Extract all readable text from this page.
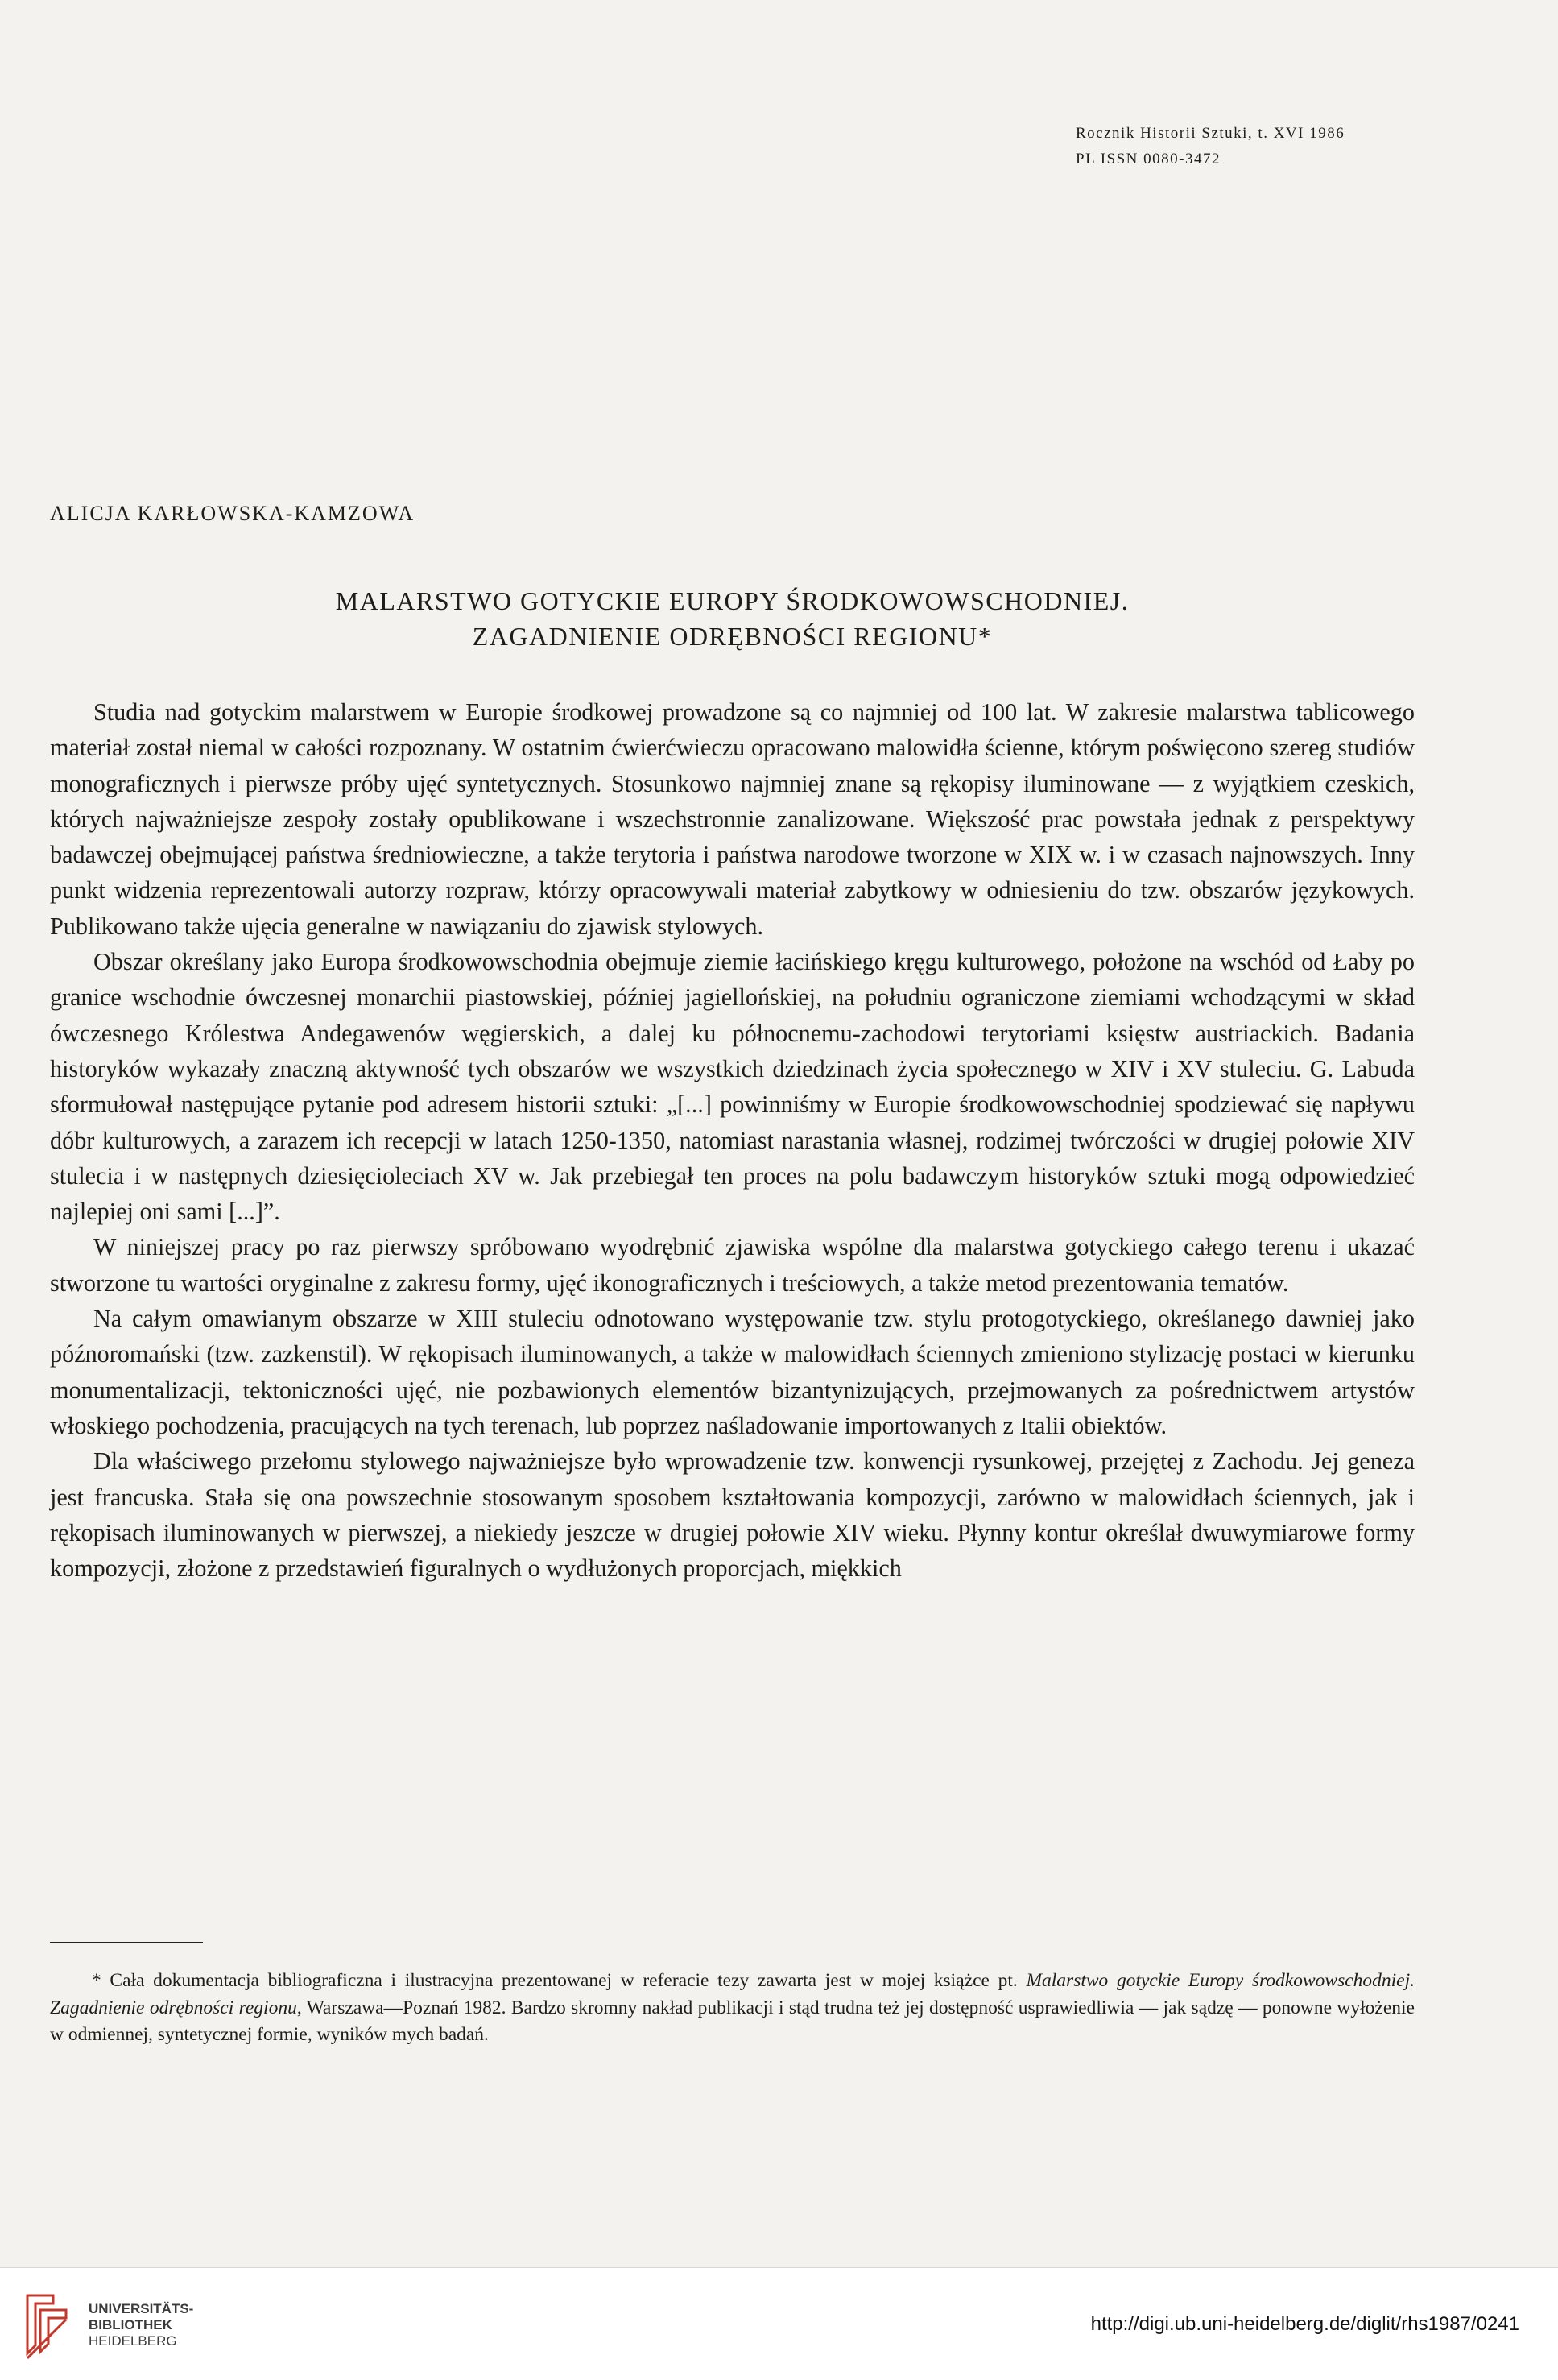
Rocznik Historii Sztuki, t. XVI 1986
PL ISSN 0080-3472
ALICJA KARŁOWSKA-KAMZOWA
MALARSTWO GOTYCKIE EUROPY ŚRODKOWOWSCHODNIEJ.
ZAGADNIENIE ODRĘBNOŚCI REGIONU*

Studia nad gotyckim malarstwem w Europie środkowej prowadzone są co najmniej od 100 lat. W zakresie malarstwa tablicowego materiał został niemal w całości rozpoznany. W ostatnim ćwierćwieczu opracowano malowidła ścienne, którym poświęcono szereg studiów monograficznych i pierwsze próby ujęć syntetycznych. Stosunkowo najmniej znane są rękopisy iluminowane — z wyjątkiem czeskich, których najważniejsze zespoły zostały opublikowane i wszechstronnie zanalizowane. Większość prac powstała jednak z perspektywy badawczej obejmującej państwa średniowieczne, a także terytoria i państwa narodowe tworzone w XIX w. i w czasach najnowszych. Inny punkt widzenia reprezentowali autorzy rozpraw, którzy opracowywali materiał zabytkowy w odniesieniu do tzw. obszarów językowych. Publikowano także ujęcia generalne w nawiązaniu do zjawisk stylowych.

Obszar określany jako Europa środkowowschodnia obejmuje ziemie łacińskiego kręgu kulturowego, położone na wschód od Łaby po granice wschodnie ówczesnej monarchii piastowskiej, później jagiellońskiej, na południu ograniczone ziemiami wchodzącymi w skład ówczesnego Królestwa Andegawenów węgierskich, a dalej ku północnemu-zachodowi terytoriami księstw austriackich. Badania historyków wykazały znaczną aktywność tych obszarów we wszystkich dziedzinach życia społecznego w XIV i XV stuleciu. G. Labuda sformułował następujące pytanie pod adresem historii sztuki: „[...] powinniśmy w Europie środkowowschodniej spodziewać się napływu dóbr kulturowych, a zarazem ich recepcji w latach 1250-1350, natomiast narastania własnej, rodzimej twórczości w drugiej połowie XIV stulecia i w następnych dziesięcioleciach XV w. Jak przebiegał ten proces na polu badawczym historyków sztuki mogą odpowiedzieć najlepiej oni sami [...]”.

W niniejszej pracy po raz pierwszy spróbowano wyodrębnić zjawiska wspólne dla malarstwa gotyckiego całego terenu i ukazać stworzone tu wartości oryginalne z zakresu formy, ujęć ikonograficznych i treściowych, a także metod prezentowania tematów.

Na całym omawianym obszarze w XIII stuleciu odnotowano występowanie tzw. stylu protogotyckiego, określanego dawniej jako późnoromański (tzw. zazkenstil). W rękopisach iluminowanych, a także w malowidłach ściennych zmieniono stylizację postaci w kierunku monumentalizacji, tektoniczności ujęć, nie pozbawionych elementów bizantynizujących, przejmowanych za pośrednictwem artystów włoskiego pochodzenia, pracujących na tych terenach, lub poprzez naśladowanie importowanych z Italii obiektów.

Dla właściwego przełomu stylowego najważniejsze było wprowadzenie tzw. konwencji rysunkowej, przejętej z Zachodu. Jej geneza jest francuska. Stała się ona powszechnie stosowanym sposobem kształtowania kompozycji, zarówno w malowidłach ściennych, jak i rękopisach iluminowanych w pierwszej, a niekiedy jeszcze w drugiej połowie XIV wieku. Płynny kontur określał dwuwymiarowe formy kompozycji, złożone z przedstawień figuralnych o wydłużonych proporcjach, miękkich

* Cała dokumentacja bibliograficzna i ilustracyjna prezentowanej w referacie tezy zawarta jest w mojej książce pt. Malarstwo gotyckie Europy środkowowschodniej. Zagadnienie odrębności regionu, Warszawa—Poznań 1982. Bardzo skromny nakład publikacji i stąd trudna też jej dostępność usprawiedliwia — jak sądzę — ponowne wyłożenie w odmiennej, syntetycznej formie, wyników mych badań.
UNIVERSITÄTS-
BIBLIOTHEK
HEIDELBERG
http://digi.ub.uni-heidelberg.de/diglit/rhs1987/0241
